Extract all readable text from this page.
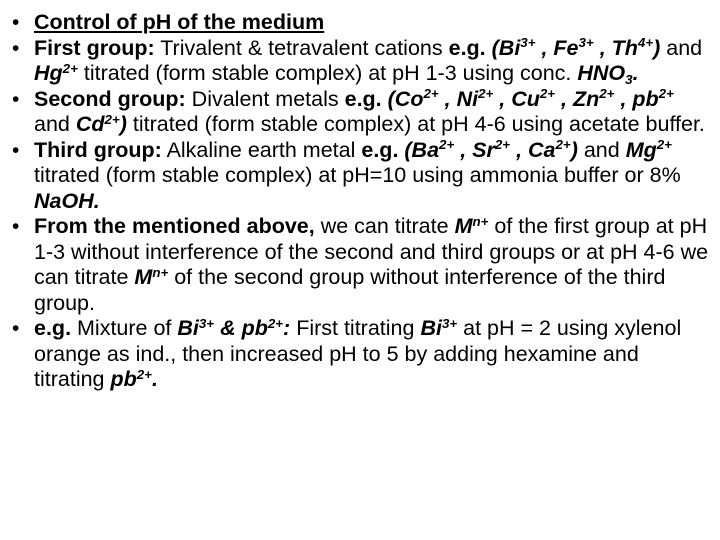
• Control of pH of the medium
• First group: Trivalent & tetravalent cations e.g. ($Bi^{3+}$ , $Fe^{3+}$ , $Th^{4+}$) and $Hg^{2+}$ titrated (form stable complex) at pH 1-3 using conc. $HNO_3$.
• Second group: Divalent metals e.g. ($Co^{2+}$ , $Ni^{2+}$ , $Cu^{2+}$ , $Zn^{2+}$ , $pb^{2+}$ and $Cd^{2+}$) titrated (form stable complex) at pH 4-6 using acetate buffer.
• Third group: Alkaline earth metal e.g. ($Ba^{2+}$ , $Sr^{2+}$ , $Ca^{2+}$) and $Mg^{2+}$ titrated (form stable complex) at pH=10 using ammonia buffer or 8% NaOH.
• From the mentioned above, we can titrate $M^{n+}$ of the first group at pH 1-3 without interference of the second and third groups or at pH 4-6 we can titrate $M^{n+}$ of the second group without interference of the third group.
• e.g. Mixture of $Bi^{3+}$ & $pb^{2+}$: First titrating $Bi^{3+}$ at pH = 2 using xylenol orange as ind., then increased pH to 5 by adding hexamine and titrating $pb^{2+}$.
